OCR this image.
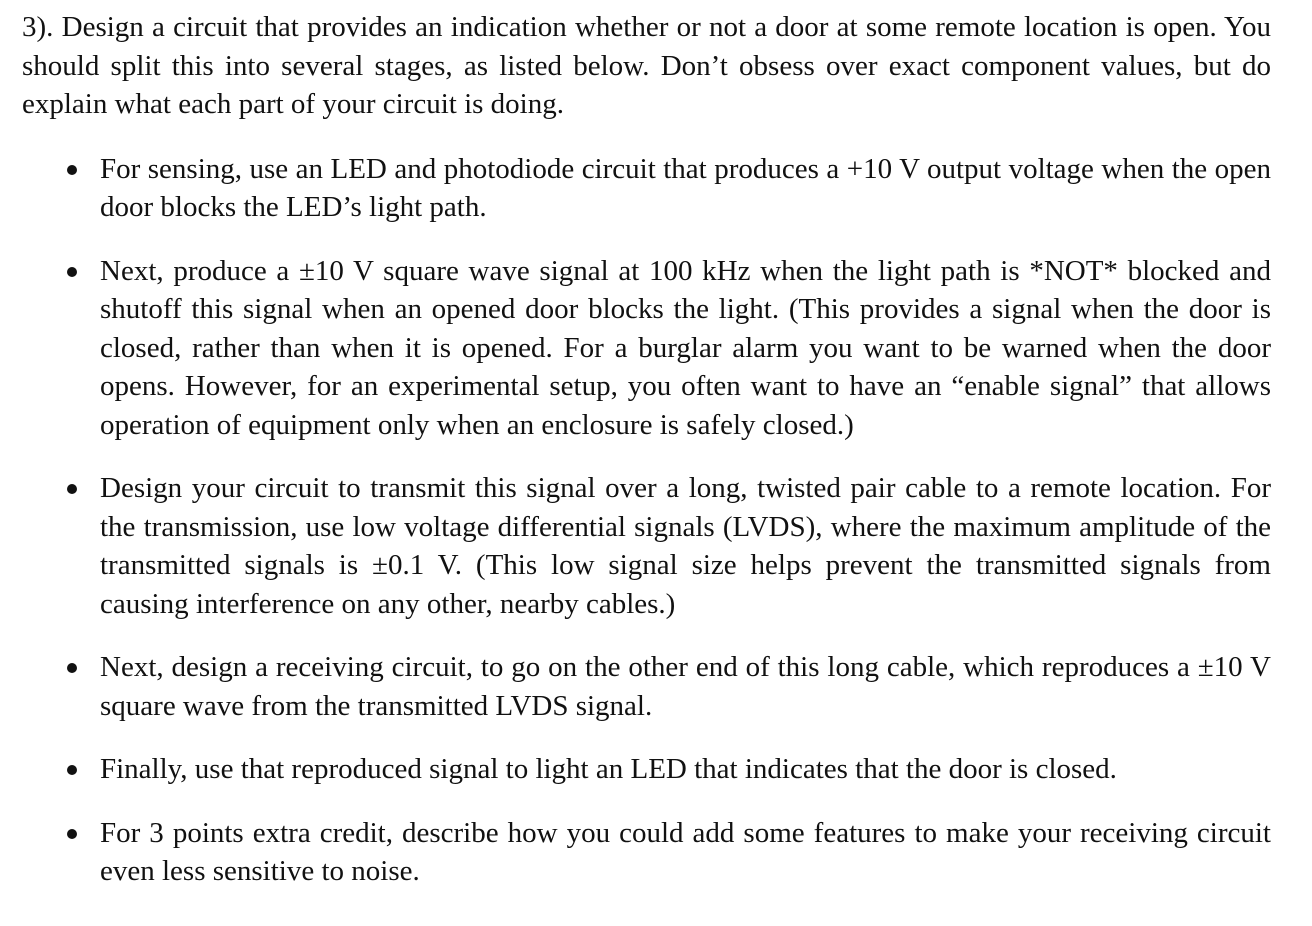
3). Design a circuit that provides an indication whether or not a door at some remote location is open. You should split this into several stages, as listed below. Don’t obsess over exact component values, but do explain what each part of your circuit is doing.

For sensing, use an LED and photodiode circuit that produces a +10 V output voltage when the open door blocks the LED’s light path.
Next, produce a ±10 V square wave signal at 100 kHz when the light path is *NOT* blocked and shutoff this signal when an opened door blocks the light. (This provides a signal when the door is closed, rather than when it is opened. For a burglar alarm you want to be warned when the door opens. However, for an experimental setup, you often want to have an “enable signal” that allows operation of equipment only when an enclosure is safely closed.)
Design your circuit to transmit this signal over a long, twisted pair cable to a remote location. For the transmission, use low voltage differential signals (LVDS), where the maximum amplitude of the transmitted signals is ±0.1 V. (This low signal size helps prevent the transmitted signals from causing interference on any other, nearby cables.)
Next, design a receiving circuit, to go on the other end of this long cable, which reproduces a ±10 V square wave from the transmitted LVDS signal.
Finally, use that reproduced signal to light an LED that indicates that the door is closed.
For 3 points extra credit, describe how you could add some features to make your receiving circuit even less sensitive to noise.
